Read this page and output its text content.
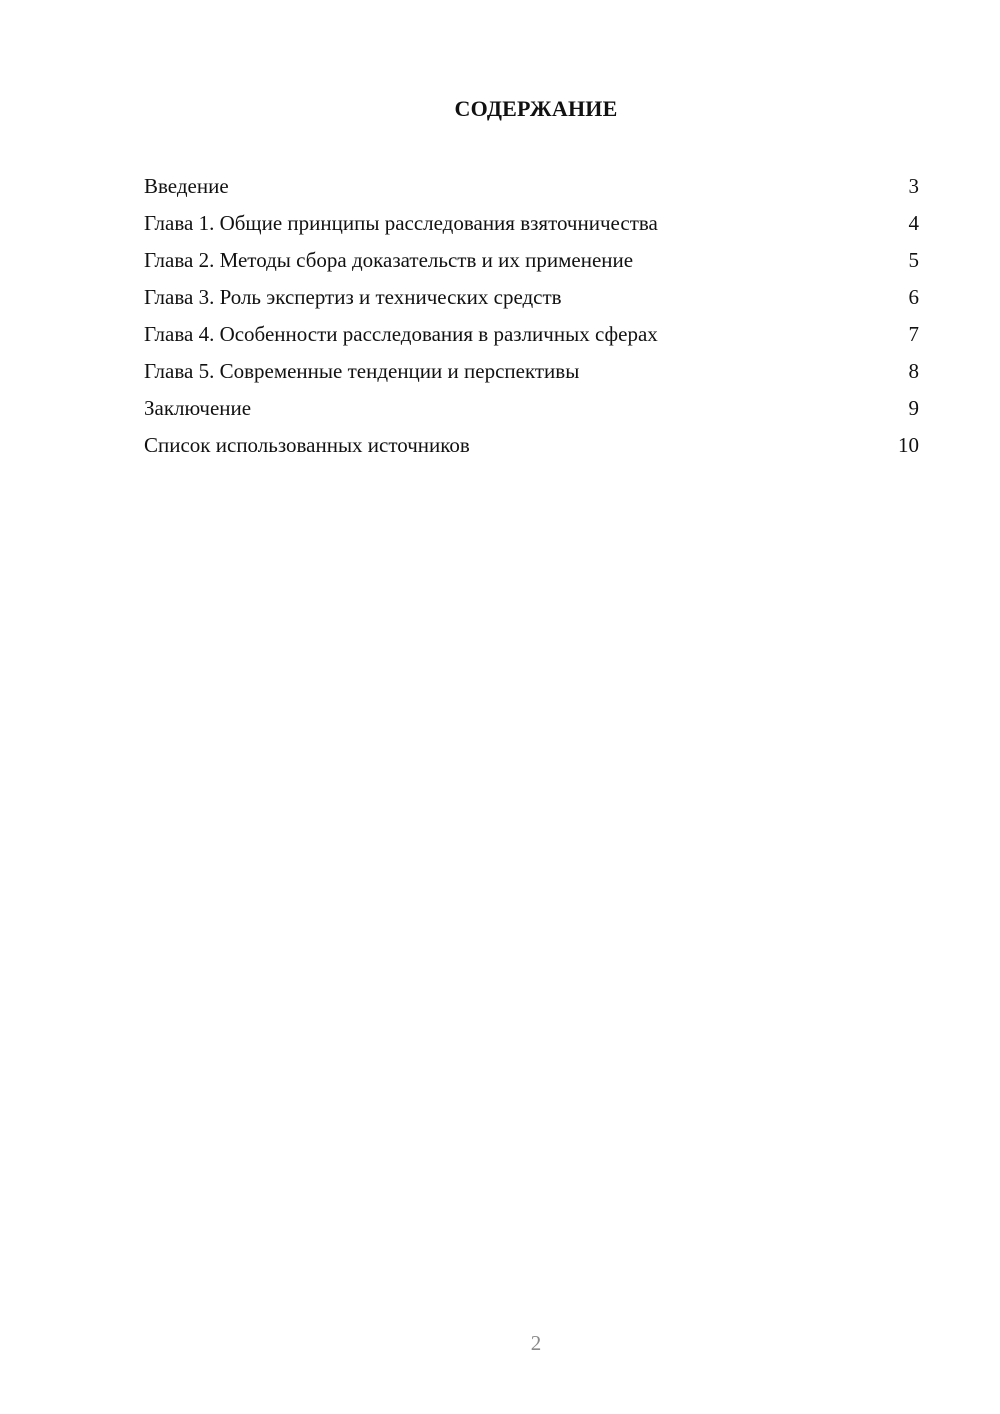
СОДЕРЖАНИЕ
Введение	3
Глава 1. Общие принципы расследования взяточничества	4
Глава 2. Методы сбора доказательств и их применение	5
Глава 3. Роль экспертиз и технических средств	6
Глава 4. Особенности расследования в различных сферах	7
Глава 5. Современные тенденции и перспективы	8
Заключение	9
Список использованных источников	10
2
